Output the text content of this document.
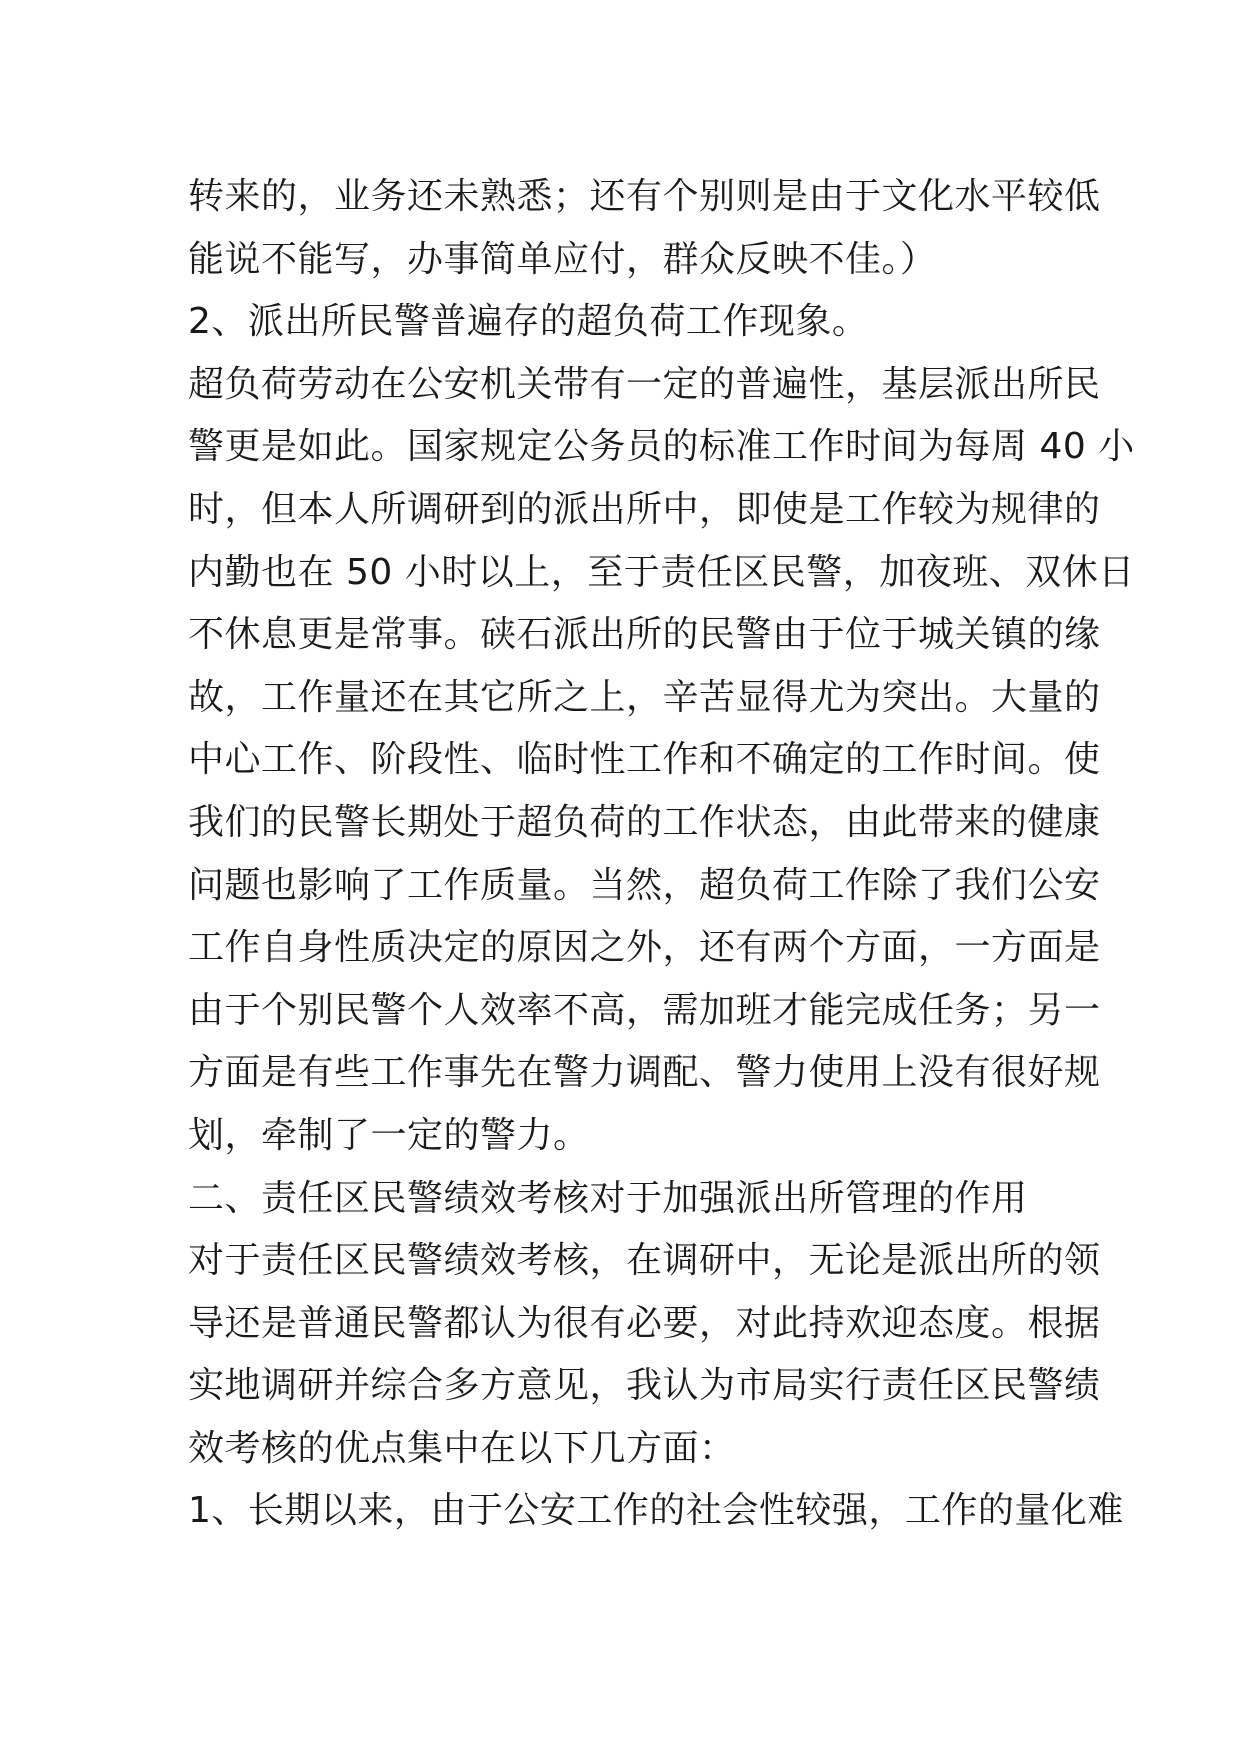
转来的，业务还未熟悉；还有个别则是由于文化水平较低
能说不能写，办事简单应付，群众反映不佳。）
2、派出所民警普遍存的超负荷工作现象。
超负荷劳动在公安机关带有一定的普遍性，基层派出所民
警更是如此。国家规定公务员的标准工作时间为每周 40 小
时，但本人所调研到的派出所中，即使是工作较为规律的
内勤也在 50 小时以上，至于责任区民警，加夜班、双休日
不休息更是常事。硖石派出所的民警由于位于城关镇的缘
故，工作量还在其它所之上，辛苦显得尤为突出。大量的
中心工作、阶段性、临时性工作和不确定的工作时间。使
我们的民警长期处于超负荷的工作状态，由此带来的健康
问题也影响了工作质量。当然，超负荷工作除了我们公安
工作自身性质决定的原因之外，还有两个方面，一方面是
由于个别民警个人效率不高，需加班才能完成任务；另一
方面是有些工作事先在警力调配、警力使用上没有很好规
划，牵制了一定的警力。
二、责任区民警绩效考核对于加强派出所管理的作用
对于责任区民警绩效考核，在调研中，无论是派出所的领
导还是普通民警都认为很有必要，对此持欢迎态度。根据
实地调研并综合多方意见，我认为市局实行责任区民警绩
效考核的优点集中在以下几方面：
1、长期以来，由于公安工作的社会性较强，工作的量化难
